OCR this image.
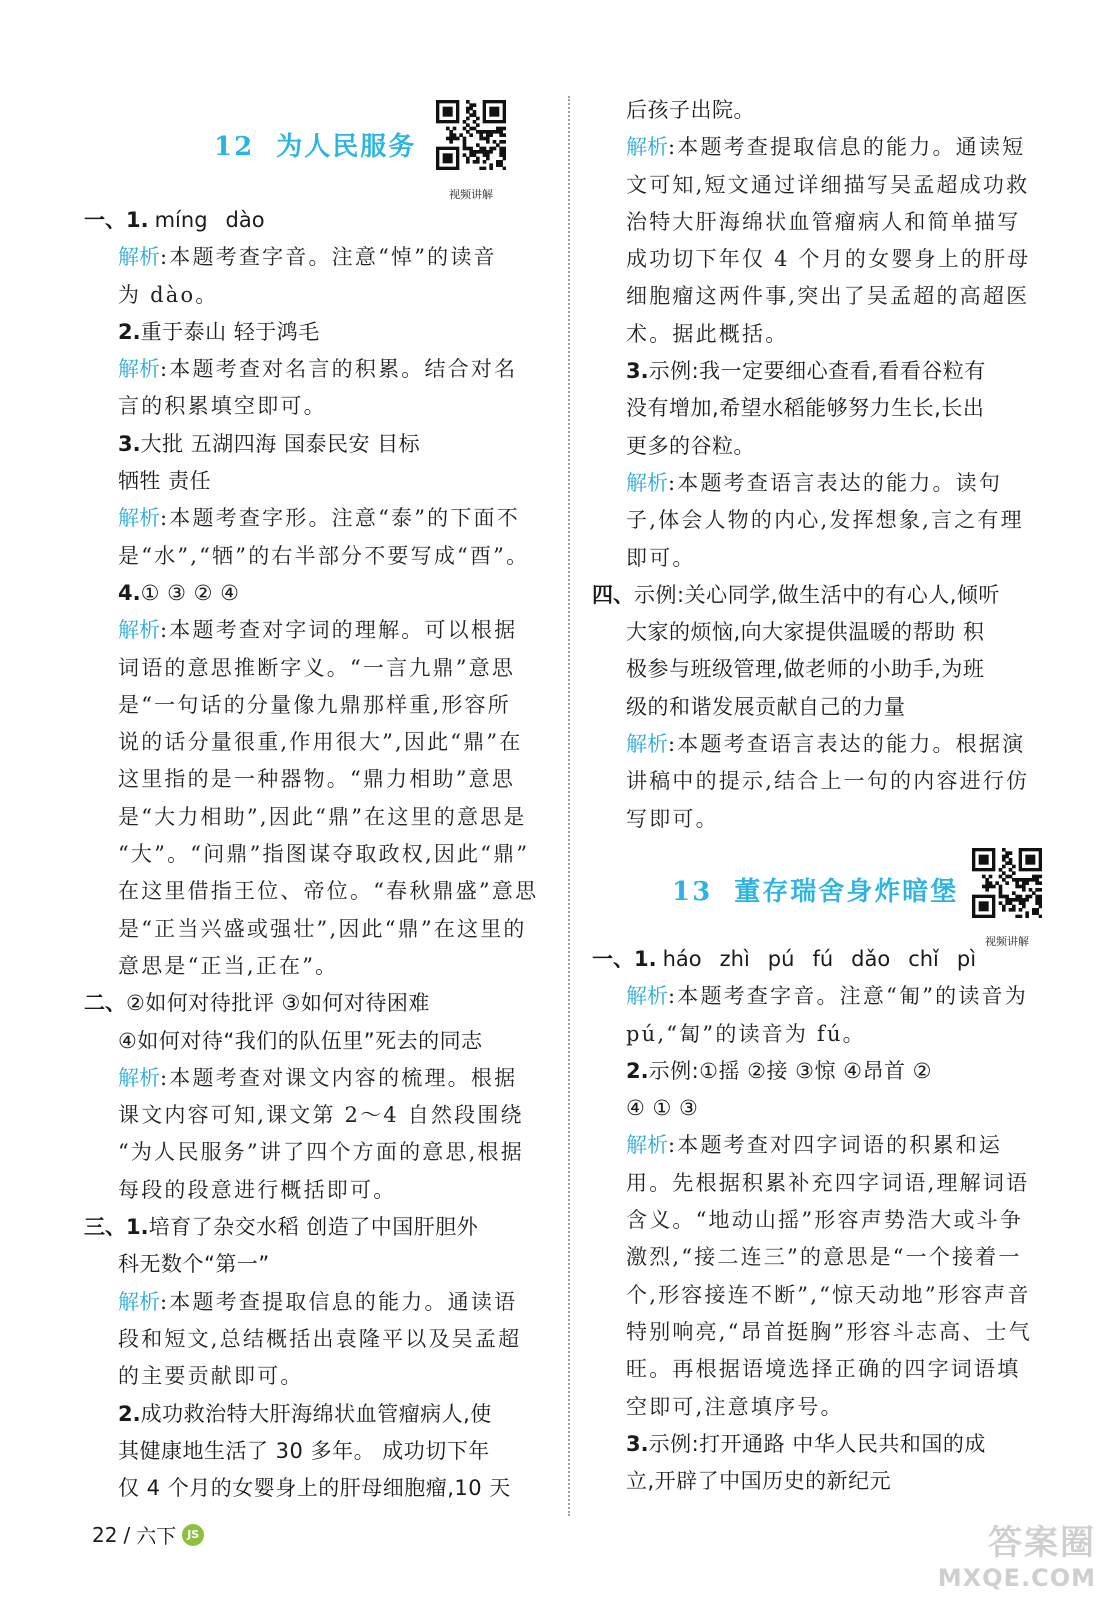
12 为人民服务
视频讲解
一、1. míng dào
解析:本题考查字音。注意“悼”的读音
为 dào。
2.重于泰山 轻于鸿毛
解析:本题考查对名言的积累。结合对名
言的积累填空即可。
3.大批 五湖四海 国泰民安 目标
牺牲 责任
解析:本题考查字形。注意“泰”的下面不
是“水”,“牺”的右半部分不要写成“酉”。
4.① ③ ② ④
解析:本题考查对字词的理解。可以根据
词语的意思推断字义。“一言九鼎”意思
是“一句话的分量像九鼎那样重,形容所
说的话分量很重,作用很大”,因此“鼎”在
这里指的是一种器物。“鼎力相助”意思
是“大力相助”,因此“鼎”在这里的意思是
“大”。“问鼎”指图谋夺取政权,因此“鼎”
在这里借指王位、帝位。“春秋鼎盛”意思
是“正当兴盛或强壮”,因此“鼎”在这里的
意思是“正当,正在”。
二、②如何对待批评 ③如何对待困难
④如何对待“我们的队伍里”死去的同志
解析:本题考查对课文内容的梳理。根据
课文内容可知,课文第 2～4 自然段围绕
“为人民服务”讲了四个方面的意思,根据
每段的段意进行概括即可。
三、1.培育了杂交水稻 创造了中国肝胆外
科无数个“第一”
解析:本题考查提取信息的能力。通读语
段和短文,总结概括出袁隆平以及吴孟超
的主要贡献即可。
2.成功救治特大肝海绵状血管瘤病人,使
其健康地生活了 30 多年。 成功切下年
仅 4 个月的女婴身上的肝母细胞瘤,10 天
后孩子出院。
解析:本题考查提取信息的能力。通读短
文可知,短文通过详细描写吴孟超成功救
治特大肝海绵状血管瘤病人和简单描写
成功切下年仅 4 个月的女婴身上的肝母
细胞瘤这两件事,突出了吴孟超的高超医
术。据此概括。
3.示例:我一定要细心查看,看看谷粒有
没有增加,希望水稻能够努力生长,长出
更多的谷粒。
解析:本题考查语言表达的能力。读句
子,体会人物的内心,发挥想象,言之有理
即可。
四、示例:关心同学,做生活中的有心人,倾听
大家的烦恼,向大家提供温暖的帮助 积
极参与班级管理,做老师的小助手,为班
级的和谐发展贡献自己的力量
解析:本题考查语言表达的能力。根据演
讲稿中的提示,结合上一句的内容进行仿
写即可。
13 董存瑞舍身炸暗堡
视频讲解
一、1. háo zhì pú fú dǎo chǐ pì
解析:本题考查字音。注意“匍”的读音为
pú,“匐”的读音为 fú。
2.示例:①摇 ②接 ③惊 ④昂首 ②
④ ① ③
解析:本题考查对四字词语的积累和运
用。先根据积累补充四字词语,理解词语
含义。“地动山摇”形容声势浩大或斗争
激烈,“接二连三”的意思是“一个接着一
个,形容接连不断”,“惊天动地”形容声音
特别响亮,“昂首挺胸”形容斗志高、士气
旺。再根据语境选择正确的四字词语填
空即可,注意填序号。
3.示例:打开通路 中华人民共和国的成
立,开辟了中国历史的新纪元
22 / 六下 JS	答案圈
MXQE.COM
